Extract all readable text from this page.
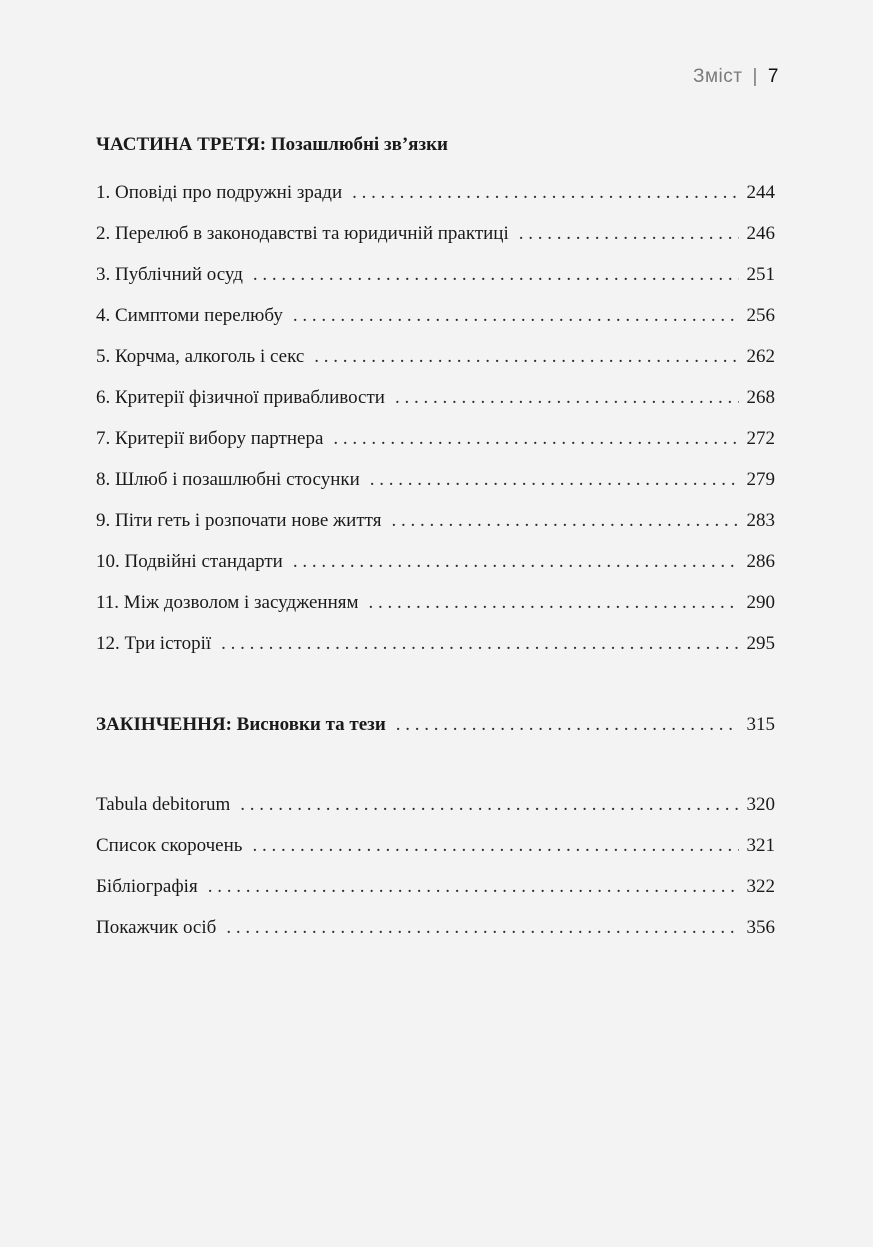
Зміст | 7
ЧАСТИНА ТРЕТЯ: Позашлюбні зв’язки
1. Оповіді про подружні зради . . .	244
2. Перелюб в законодавстві та юридичній практиці . . .	246
3. Публічний осуд . . .	251
4. Симптоми перелюбу . . .	256
5. Корчма, алкоголь і секс . . .	262
6. Критерії фізичної привабливости . . .	268
7. Критерії вибору партнера . . .	272
8. Шлюб і позашлюбні стосунки . . .	279
9. Піти геть і розпочати нове життя . . .	283
10. Подвійні стандарти . . .	286
11. Між дозволом і засудженням . . .	290
12. Три історії . . .	295
ЗАКІНЧЕННЯ: Висновки та тези . . .	315
Tabula debitorum . . .	320
Список скорочень . . .	321
Бібліографія . . .	322
Покажчик осіб . . .	356
